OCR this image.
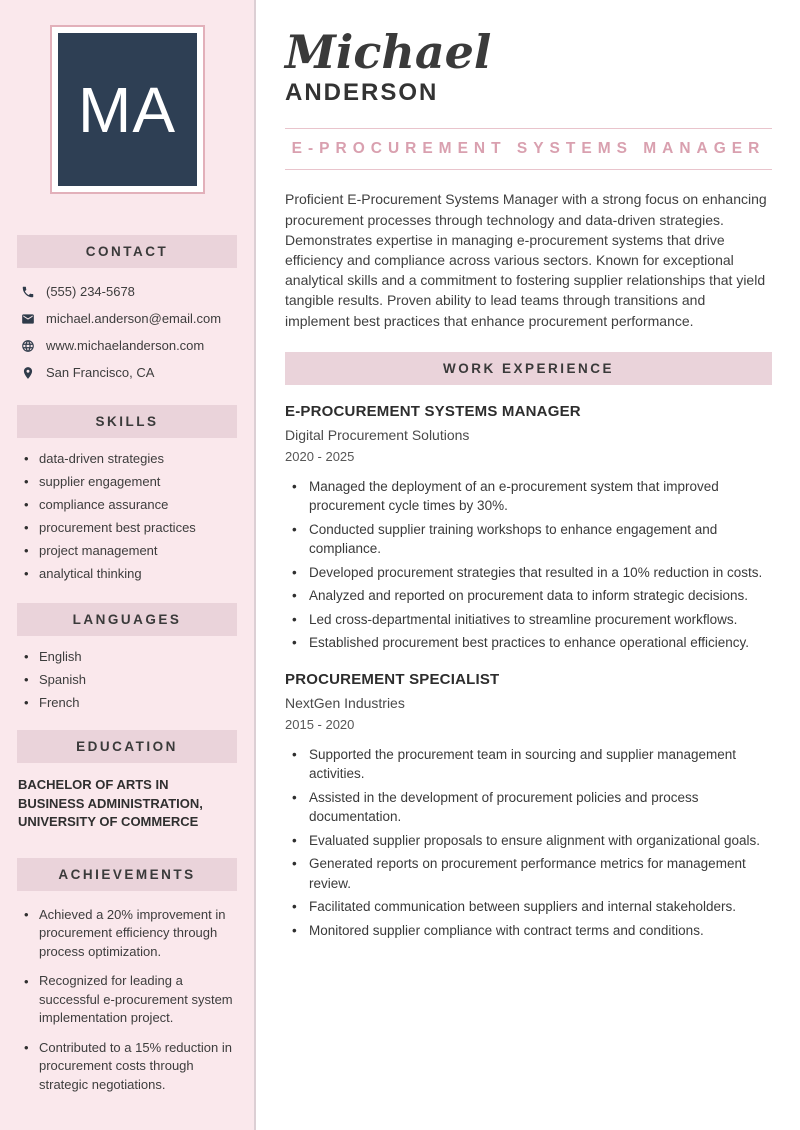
MA
CONTACT
(555) 234-5678
michael.anderson@email.com
www.michaelanderson.com
San Francisco, CA
SKILLS
• data-driven strategies
• supplier engagement
• compliance assurance
• procurement best practices
• project management
• analytical thinking
LANGUAGES
• English
• Spanish
• French
EDUCATION

BACHELOR OF ARTS IN BUSINESS ADMINISTRATION, UNIVERSITY OF COMMERCE

ACHIEVEMENTS
• Achieved a 20% improvement in procurement efficiency through process optimization.
• Recognized for leading a successful e-procurement system implementation project.
• Contributed to a 15% reduction in procurement costs through strategic negotiations.
Michael
ANDERSON
E-PROCUREMENT SYSTEMS MANAGER

Proficient E-Procurement Systems Manager with a strong focus on enhancing procurement processes through technology and data-driven strategies. Demonstrates expertise in managing e-procurement systems that drive efficiency and compliance across various sectors. Known for exceptional analytical skills and a commitment to fostering supplier relationships that yield tangible results. Proven ability to lead teams through transitions and implement best practices that enhance procurement performance.

WORK EXPERIENCE
E-PROCUREMENT SYSTEMS MANAGER
Digital Procurement Solutions
2020 - 2025
• Managed the deployment of an e-procurement system that improved procurement cycle times by 30%.
• Conducted supplier training workshops to enhance engagement and compliance.
• Developed procurement strategies that resulted in a 10% reduction in costs.
• Analyzed and reported on procurement data to inform strategic decisions.
• Led cross-departmental initiatives to streamline procurement workflows.
• Established procurement best practices to enhance operational efficiency.
PROCUREMENT SPECIALIST
NextGen Industries
2015 - 2020
• Supported the procurement team in sourcing and supplier management activities.
• Assisted in the development of procurement policies and process documentation.
• Evaluated supplier proposals to ensure alignment with organizational goals.
• Generated reports on procurement performance metrics for management review.
• Facilitated communication between suppliers and internal stakeholders.
• Monitored supplier compliance with contract terms and conditions.
